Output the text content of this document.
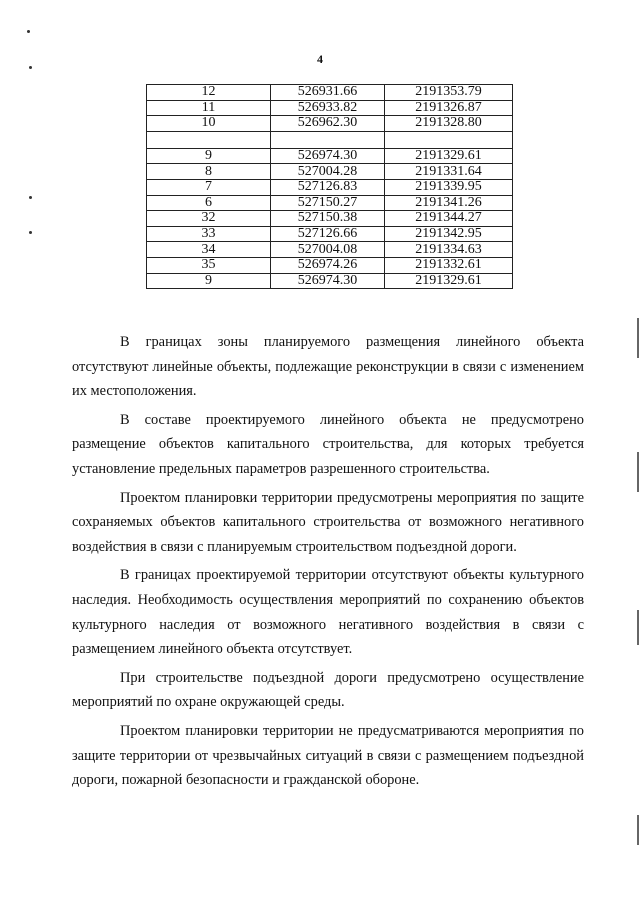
4
12	526931.66	2191353.79
11	526933.82	2191326.87
10	526962.30	2191328.80

9	526974.30	2191329.61
8	527004.28	2191331.64
7	527126.83	2191339.95
6	527150.27	2191341.26
32	527150.38	2191344.27
33	527126.66	2191342.95
34	527004.08	2191334.63
35	526974.26	2191332.61
9	526974.30	2191329.61

В границах зоны планируемого размещения линейного объекта отсутствуют линейные объекты, подлежащие реконструкции в связи с изменением их местоположения.

В составе проектируемого линейного объекта не предусмотрено размещение объектов капитального строительства, для которых требуется установление предельных параметров разрешенного строительства.

Проектом планировки территории предусмотрены мероприятия по защите сохраняемых объектов капитального строительства от возможного негативного воздействия в связи с планируемым строительством подъездной дороги.

В границах проектируемой территории отсутствуют объекты культурного наследия. Необходимость осуществления мероприятий по сохранению объектов культурного наследия от возможного негативного воздействия в связи с размещением линейного объекта отсутствует.

При строительстве подъездной дороги предусмотрено осуществление мероприятий по охране окружающей среды.

Проектом планировки территории не предусматриваются мероприятия по защите территории от чрезвычайных ситуаций в связи с размещением подъездной дороги, пожарной безопасности и гражданской обороне.
